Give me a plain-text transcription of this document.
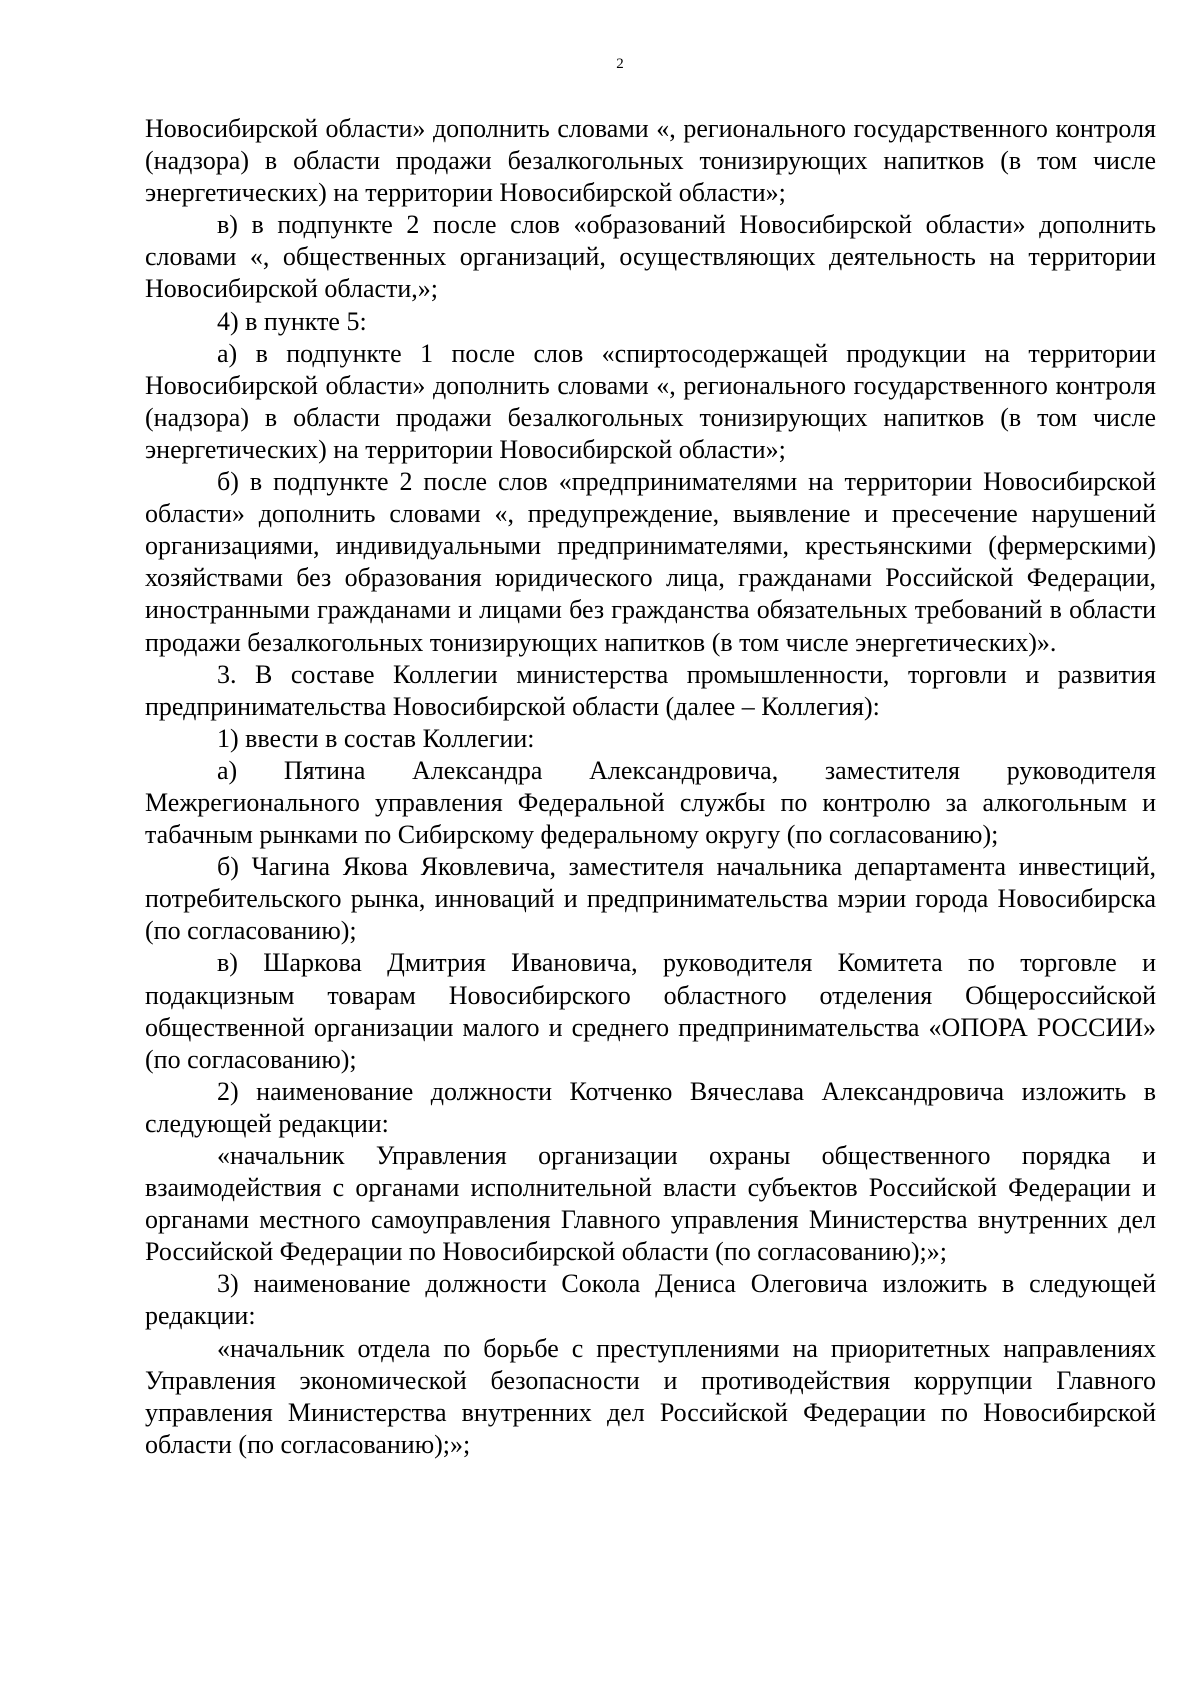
2

Новосибирской области» дополнить словами «, регионального государственного контроля (надзора) в области продажи безалкогольных тонизирующих напитков (в том числе энергетических) на территории Новосибирской области»;

в) в подпункте 2 после слов «образований Новосибирской области» дополнить словами «, общественных организаций, осуществляющих деятельность на территории Новосибирской области,»;

4) в пункте 5:

а) в подпункте 1 после слов «спиртосодержащей продукции на территории Новосибирской области» дополнить словами «, регионального государственного контроля (надзора) в области продажи безалкогольных тонизирующих напитков (в том числе энергетических) на территории Новосибирской области»;

б) в подпункте 2 после слов «предпринимателями на территории Новосибирской области» дополнить словами «, предупреждение, выявление и пресечение нарушений организациями, индивидуальными предпринимателями, крестьянскими (фермерскими) хозяйствами без образования юридического лица, гражданами Российской Федерации, иностранными гражданами и лицами без гражданства обязательных требований в области продажи безалкогольных тонизирующих напитков (в том числе энергетических)».

3. В составе Коллегии министерства промышленности, торговли и развития предпринимательства Новосибирской области (далее – Коллегия):

1) ввести в состав Коллегии:

а) Пятина Александра Александровича, заместителя руководителя Межрегионального управления Федеральной службы по контролю за алкогольным и табачным рынками по Сибирскому федеральному округу (по согласованию);

б) Чагина Якова Яковлевича, заместителя начальника департамента инвестиций, потребительского рынка, инноваций и предпринимательства мэрии города Новосибирска (по согласованию);

в) Шаркова Дмитрия Ивановича, руководителя Комитета по торговле и подакцизным товарам Новосибирского областного отделения Общероссийской общественной организации малого и среднего предпринимательства «ОПОРА РОССИИ» (по согласованию);

2) наименование должности Котченко Вячеслава Александровича изложить в следующей редакции:

«начальник Управления организации охраны общественного порядка и взаимодействия с органами исполнительной власти субъектов Российской Федерации и органами местного самоуправления Главного управления Министерства внутренних дел Российской Федерации по Новосибирской области (по согласованию);»;

3) наименование должности Сокола Дениса Олеговича изложить в следующей редакции:

«начальник отдела по борьбе с преступлениями на приоритетных направлениях Управления экономической безопасности и противодействия коррупции Главного управления Министерства внутренних дел Российской Федерации по Новосибирской области (по согласованию);»;
